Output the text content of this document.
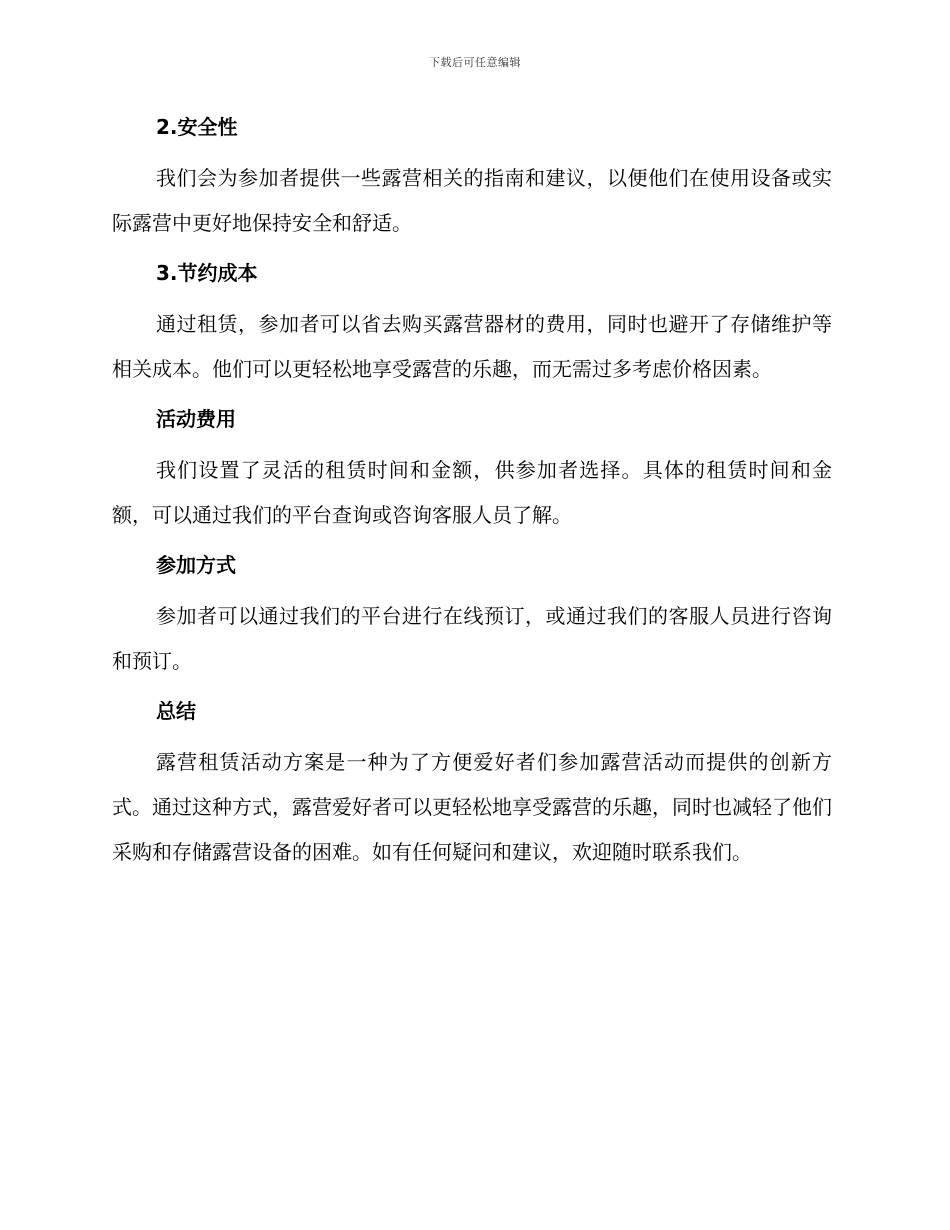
下载后可任意编辑
2.安全性

我们会为参加者提供一些露营相关的指南和建议，以便他们在使用设备或实际露营中更好地保持安全和舒适。

3.节约成本

通过租赁，参加者可以省去购买露营器材的费用，同时也避开了存储维护等相关成本。他们可以更轻松地享受露营的乐趣，而无需过多考虑价格因素。

活动费用

我们设置了灵活的租赁时间和金额，供参加者选择。具体的租赁时间和金额，可以通过我们的平台查询或咨询客服人员了解。

参加方式

参加者可以通过我们的平台进行在线预订，或通过我们的客服人员进行咨询和预订。

总结

露营租赁活动方案是一种为了方便爱好者们参加露营活动而提供的创新方式。通过这种方式，露营爱好者可以更轻松地享受露营的乐趣，同时也减轻了他们采购和存储露营设备的困难。如有任何疑问和建议，欢迎随时联系我们。
